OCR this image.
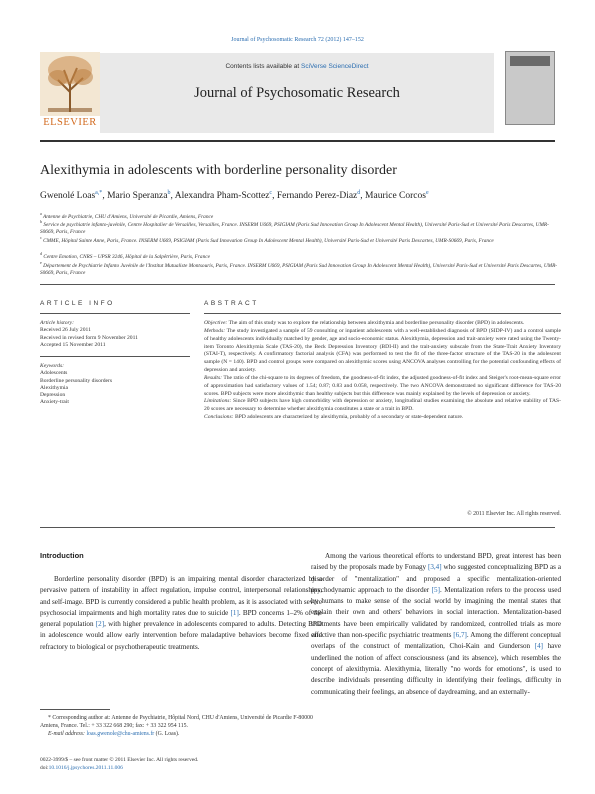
Journal of Psychosomatic Research 72 (2012) 147–152
ELSEVIER
Contents lists available at SciVerse ScienceDirect
Journal of Psychosomatic Research
Alexithymia in adolescents with borderline personality disorder
Gwenolé Loas$^{a,*}$, Mario Speranza$^b$, Alexandra Pham-Scottez$^c$, Fernando Perez-Diaz$^d$, Maurice Corcos$^e$
$^a$ Antenne de Psychiatrie, CHU d'Amiens, Université de Picardie, Amiens, France
$^b$ Service de psychiatrie infanto-juvénile, Centre Hospitalier de Versailles, Versailles, France. INSERM U669, PSIGIAM (Paris Sud Innovation Group In Adolescent Mental Health), Université Paris-Sud et Université Paris Descartes, UMR-S0669, Paris, France
$^c$ CMME, Hôpital Sainte Anne, Paris, France. INSERM U669, PSIGIAM (Paris Sud Innovation Group In Adolescent Mental Health), Université Paris-Sud et Université Paris Descartes, UMR-S0669, Paris, France
$^d$ Centre Emotion, CNRS – UPSR 3246, Hôpital de la Salpêtrière, Paris, France
$^e$ Département de Psychiatrie Infanto Juvénile de l'Institut Mutualiste Montsouris, Paris, France. INSERM U669, PSIGIAM (Paris Sud Innovation Group In Adolescent Mental Health), Université Paris-Sud et Université Paris Descartes, UMR-S0669, Paris, France
ARTICLE INFO
Article history:
Received 26 July 2011
Received in revised form 9 November 2011
Accepted 15 November 2011
Keywords:
Adolescents
Borderline personality disorders
Alexithymia
Depression
Anxiety-trait
ABSTRACT
Objective: The aim of this study was to explore the relationship between alexithymia and borderline personality disorder (BPD) in adolescents.
Methods: The study investigated a sample of 59 consulting or inpatient adolescents with a well-established diagnosis of BPD (SIDP-IV) and a control sample of healthy adolescents individually matched by gender, age and socio-economic status. Alexithymia, depression and trait-anxiety were rated using the Twenty-item Toronto Alexithymia Scale (TAS-20), the Beck Depression Inventory (BDI-II) and the trait-anxiety subscale from the State-Trait Anxiety Inventory (STAI-T), respectively. A confirmatory factorial analysis (CFA) was performed to test the fit of the three-factor structure of the TAS-20 in the adolescent sample (N = 140). BPD and control groups were compared on alexithymic scores using ANCOVA analyses controlling for the potential confounding effects of depression and anxiety.
Results: The ratio of the chi-square to its degrees of freedom, the goodness-of-fit index, the adjusted goodness-of-fit index and Steiger's root-mean-square error of approximation had satisfactory values of 1.54; 0.87; 0.83 and 0.058, respectively. The two ANCOVA demonstrated no significant difference for TAS-20 scores. BPD subjects were more alexithymic than healthy subjects but this difference was mainly explained by the levels of depression or anxiety.
Limitations: Since BPD subjects have high comorbidity with depression or anxiety, longitudinal studies examining the absolute and relative stability of TAS-20 scores are necessary to determine whether alexithymia constitutes a state or a trait in BPD.
Conclusions: BPD adolescents are characterized by alexithymia, probably of a secondary or state-dependent nature.
© 2011 Elsevier Inc. All rights reserved.
Introduction
Borderline personality disorder (BPD) is an impairing mental disorder characterized by a pervasive pattern of instability in affect regulation, impulse control, interpersonal relationships, and self-image. BPD is currently considered a public health problem, as it is associated with severe psychosocial impairments and high mortality rates due to suicide [1]. BPD concerns 1–2% of the general population [2], with higher prevalence in adolescents compared to adults. Detecting BPD in adolescence would allow early intervention before maladaptive behaviors become fixed and refractory to biological or psychotherapeutic treatments.
Among the various theoretical efforts to understand BPD, great interest has been raised by the proposals made by Fonagy [3,4] who suggested conceptualizing BPD as a disorder of "mentalization" and proposed a specific mentalization-oriented psychodynamic approach to the disorder [5]. Mentalization refers to the process used by humans to make sense of the social world by imagining the mental states that explain their own and others' behaviors in social interaction. Mentalization-based treatments have been empirically validated by randomized, controlled trials as more effective than non-specific psychiatric treatments [6,7]. Among the different conceptual overlaps of the construct of mentalization, Choi-Kain and Gunderson [4] have underlined the notion of affect consciousness (and its absence), which resembles the concept of alexithymia. Alexithymia, literally "no words for emotions", is used to describe individuals presenting difficulty in identifying their feelings, difficulty in communicating their feelings, an absence of daydreaming, and an externally-
* Corresponding author at: Antenne de Psychiatrie, Hôpital Nord, CHU d'Amiens, Université de Picardie F-80000 Amiens, France. Tel.: + 33 322 668 290; fax: + 33 322 954 115.
E-mail address: loas.gwenole@chu-amiens.fr (G. Loas).
0022-3999/$ – see front matter © 2011 Elsevier Inc. All rights reserved.
doi:10.1016/j.jpsychores.2011.11.006
